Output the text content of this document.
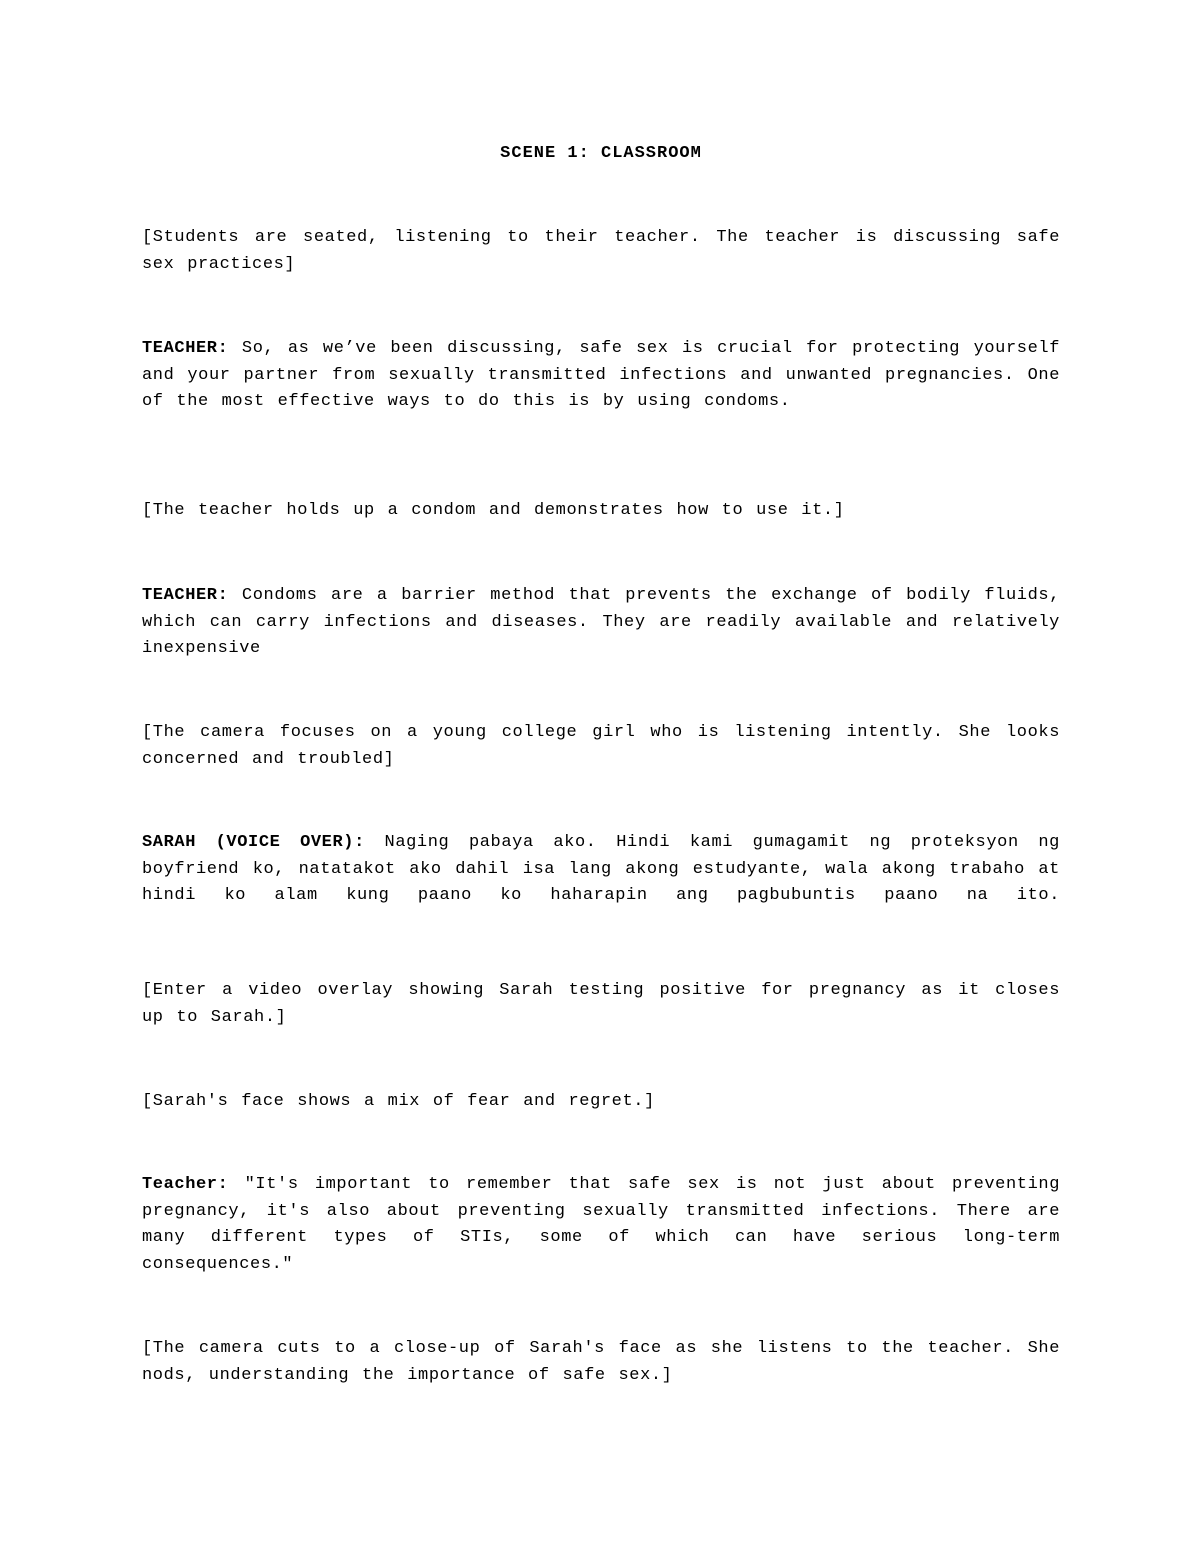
SCENE 1: CLASSROOM
[Students are seated, listening to their teacher. The teacher is discussing safe sex practices]
TEACHER: So, as we’ve been discussing, safe sex is crucial for protecting yourself and your partner from sexually transmitted infections and unwanted pregnancies. One of the most effective ways to do this is by using condoms.
[The teacher holds up a condom and demonstrates how to use it.]
TEACHER: Condoms are a barrier method that prevents the exchange of bodily fluids, which can carry infections and diseases. They are readily available and relatively inexpensive
[The camera focuses on a young college girl who is listening intently. She looks concerned and troubled]
SARAH (VOICE OVER): Naging pabaya ako. Hindi kami gumagamit ng proteksyon ng boyfriend ko, natatakot ako dahil isa lang akong estudyante, wala akong trabaho at hindi ko alam kung paano ko haharapin ang pagbubuntis paano na ito.
[Enter a video overlay showing Sarah testing positive for pregnancy as it closes up to Sarah.]
[Sarah's face shows a mix of fear and regret.]
Teacher: "It's important to remember that safe sex is not just about preventing pregnancy, it's also about preventing sexually transmitted infections. There are many different types of STIs, some of which can have serious long-term consequences."
[The camera cuts to a close-up of Sarah's face as she listens to the teacher. She nods, understanding the importance of safe sex.]
